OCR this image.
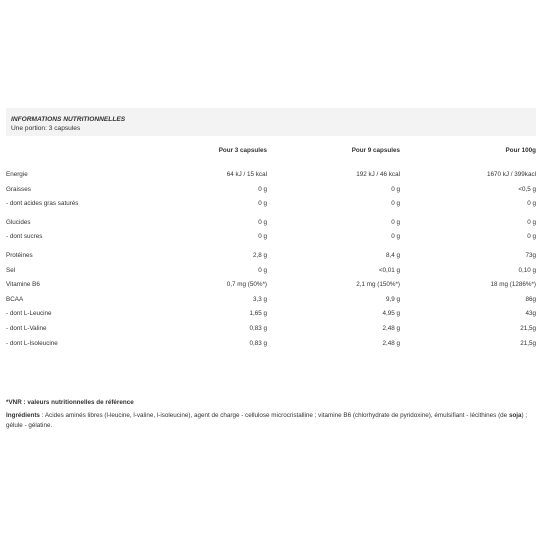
INFORMATIONS NUTRITIONNELLES
Une portion: 3 capsules
	Pour 3 capsules	Pour 9 capsules	Pour 100g
Energie	64 kJ / 15 kcal	192 kJ / 46 kcal	1670 kJ / 399kacl
Graisses	0 g	0 g	<0,5 g
- dont acides gras saturés	0 g	0 g	0 g

Glucides	0 g	0 g	0 g
- dont sucres	0 g	0 g	0 g

Protéines	2,8 g	8,4 g	73g
Sel	0 g	<0,01 g	0,10 g
Vitamine B6	0,7 mg (50%*)	2,1 mg (150%*)	18 mg (1286%*)
BCAA	3,3 g	9,9 g	86g
- dont L-Leucine	1,65 g	4,95 g	43g
- dont L-Valine	0,83 g	2,48 g	21,5g
- dont L-Isoleucine	0,83 g	2,48 g	21,5g
*VNR : valeurs nutritionnelles de référence
Ingrédients : Acides aminés libres (l-leucine, l-valine, l-isoleucine), agent de charge - cellulose microcristalline ; vitamine B6 (chlorhydrate de pyridoxine), émulsifiant - lécithines (de soja) ; gélule - gélatine.
